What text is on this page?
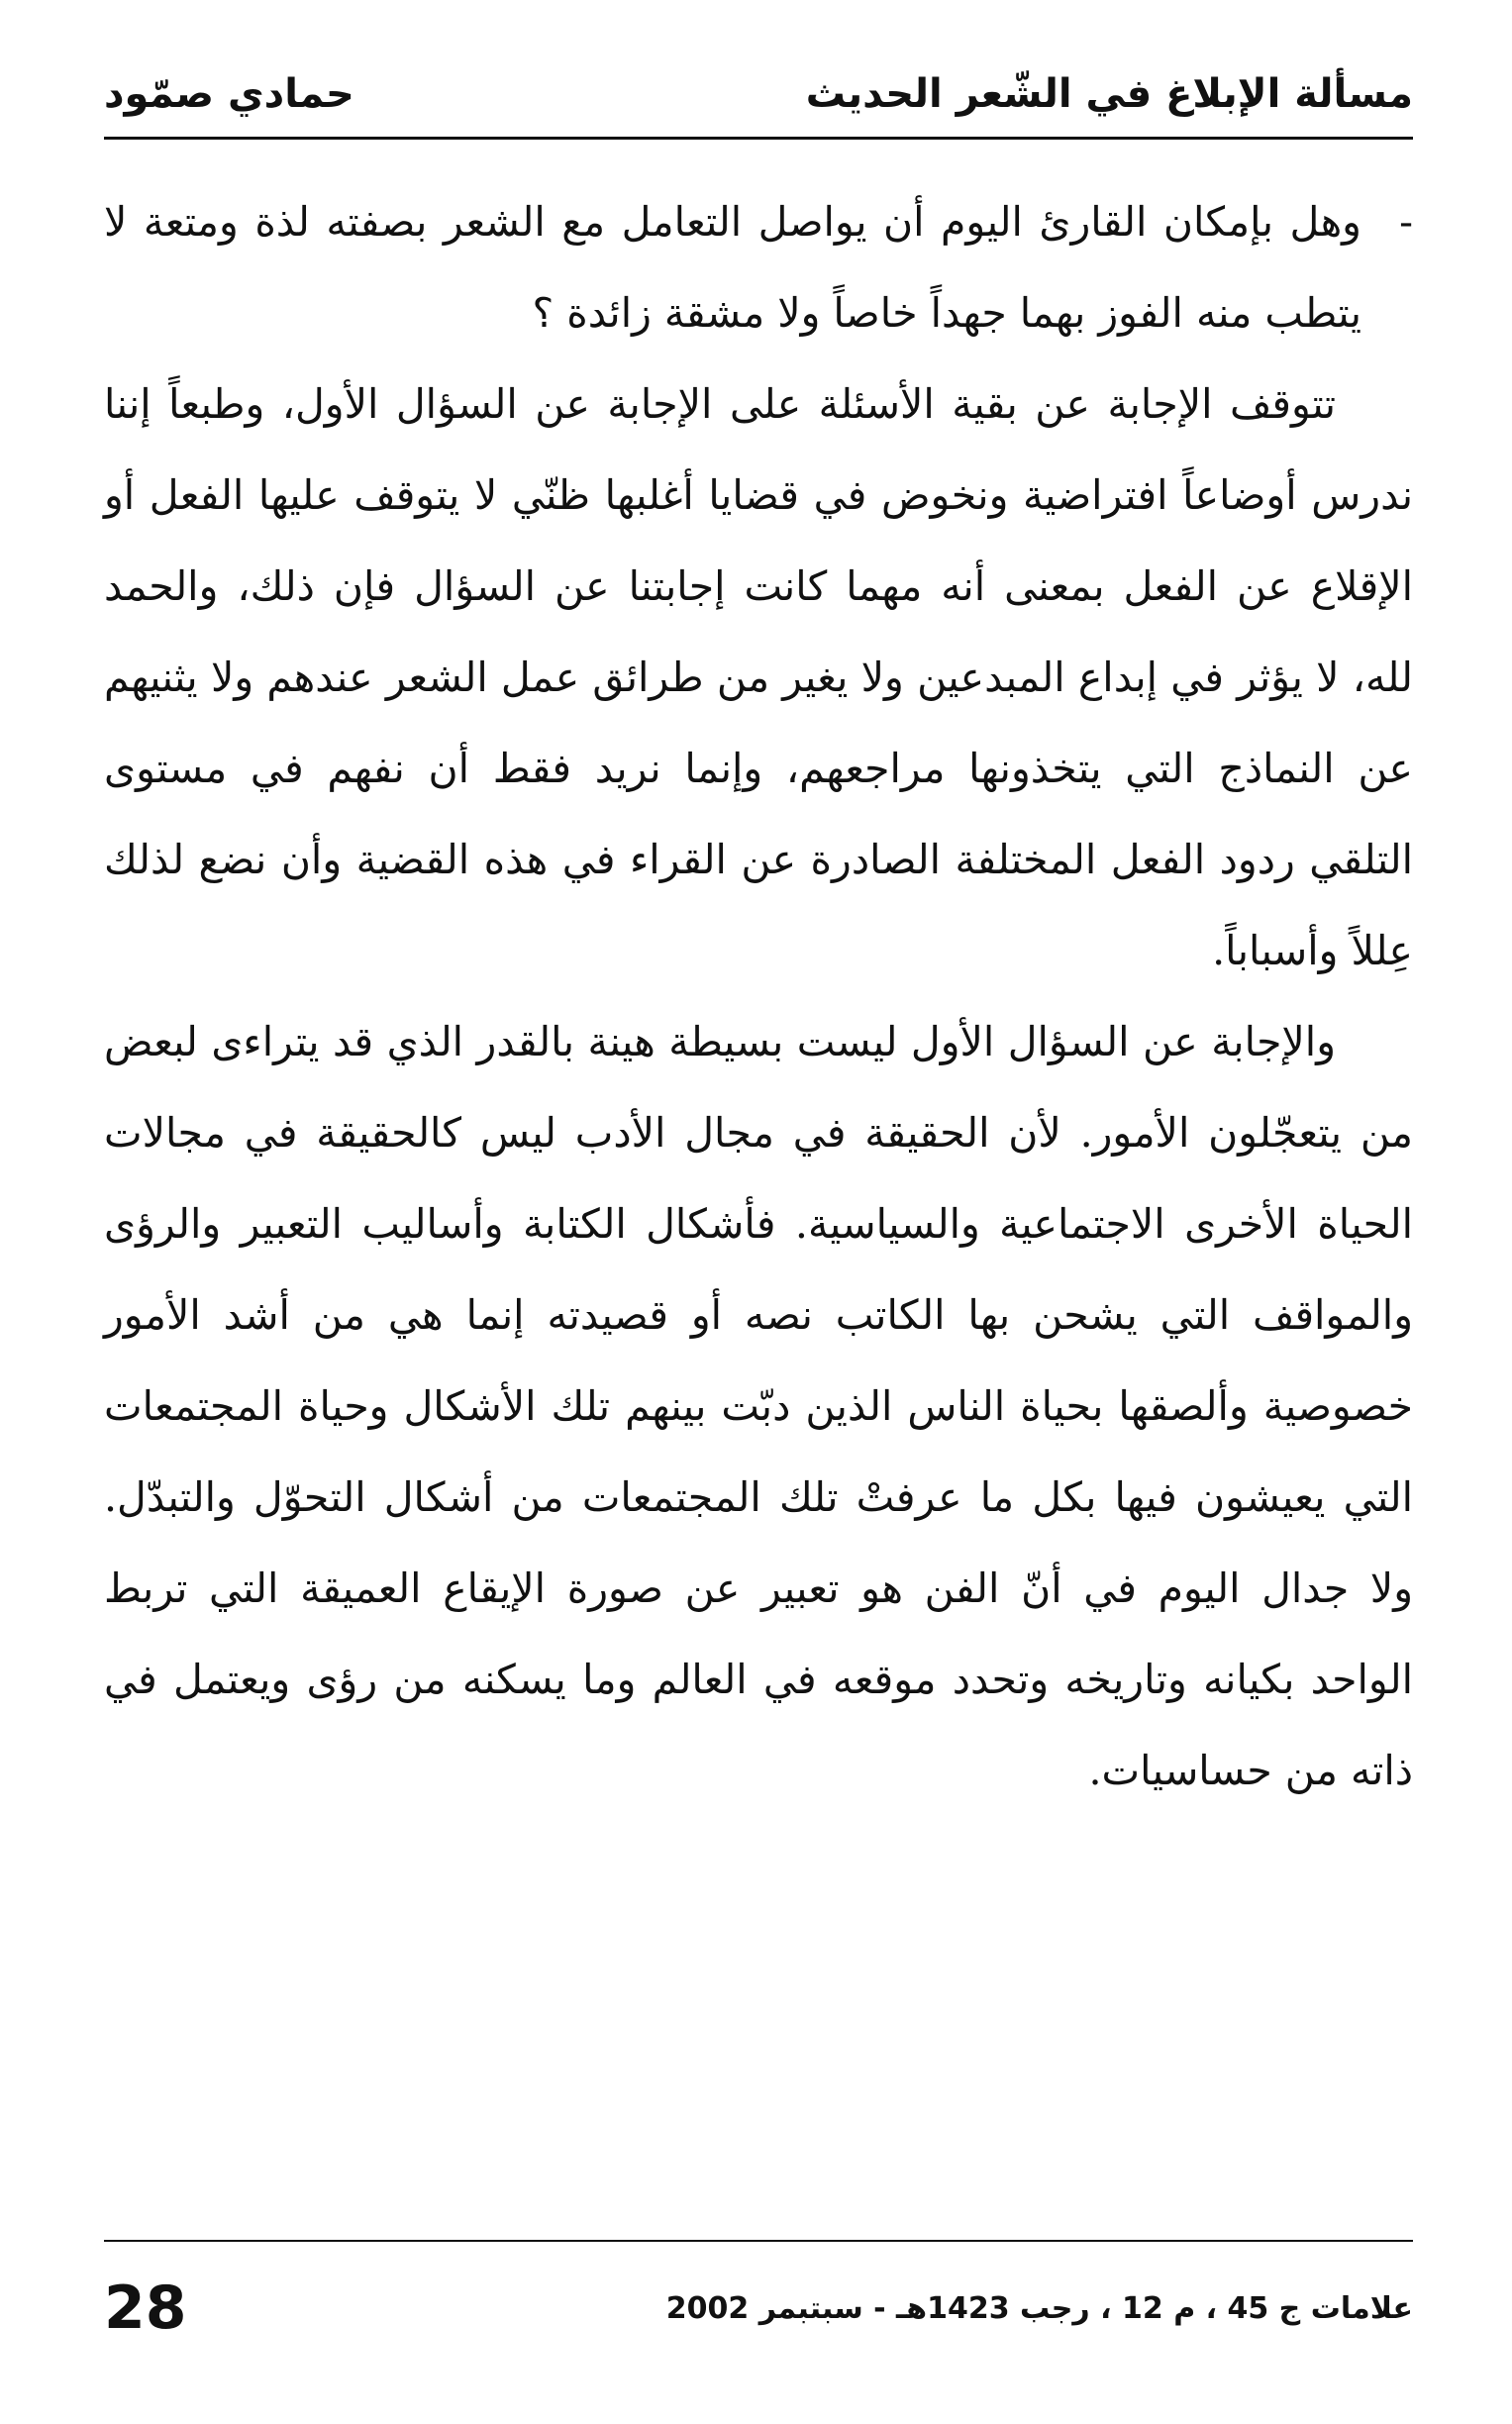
مسألة الإبلاغ في الشّعر الحديث
حمادي صمّود
-
وهل بإمكان القارئ اليوم أن يواصل التعامل مع الشعر بصفته لذة ومتعة لا يتطب منه الفوز بهما جهداً خاصاً ولا مشقة زائدة ؟

تتوقف الإجابة عن بقية الأسئلة على الإجابة عن السؤال الأول، وطبعاً إننا ندرس أوضاعاً افتراضية ونخوض في قضايا أغلبها ظنّي لا يتوقف عليها الفعل أو الإقلاع عن الفعل بمعنى أنه مهما كانت إجابتنا عن السؤال فإن ذلك، والحمد لله، لا يؤثر في إبداع المبدعين ولا يغير من طرائق عمل الشعر عندهم ولا يثنيهم عن النماذج التي يتخذونها مراجعهم، وإنما نريد فقط أن نفهم في مستوى التلقي ردود الفعل المختلفة الصادرة عن القراء في هذه القضية وأن نضع لذلك عِللاً وأسباباً.

والإجابة عن السؤال الأول ليست بسيطة هينة بالقدر الذي قد يتراءى لبعض من يتعجّلون الأمور. لأن الحقيقة في مجال الأدب ليس كالحقيقة في مجالات الحياة الأخرى الاجتماعية والسياسية. فأشكال الكتابة وأساليب التعبير والرؤى والمواقف التي يشحن بها الكاتب نصه أو قصيدته إنما هي من أشد الأمور خصوصية وألصقها بحياة الناس الذين دبّت بينهم تلك الأشكال وحياة المجتمعات التي يعيشون فيها بكل ما عرفتْ تلك المجتمعات من أشكال التحوّل والتبدّل. ولا جدال اليوم في أنّ الفن هو تعبير عن صورة الإيقاع العميقة التي تربط الواحد بكيانه وتاريخه وتحدد موقعه في العالم وما يسكنه من رؤى ويعتمل في ذاته من حساسيات.

علامات ج 45 ، م 12 ، رجب 1423هـ - سبتبمر 2002
28
